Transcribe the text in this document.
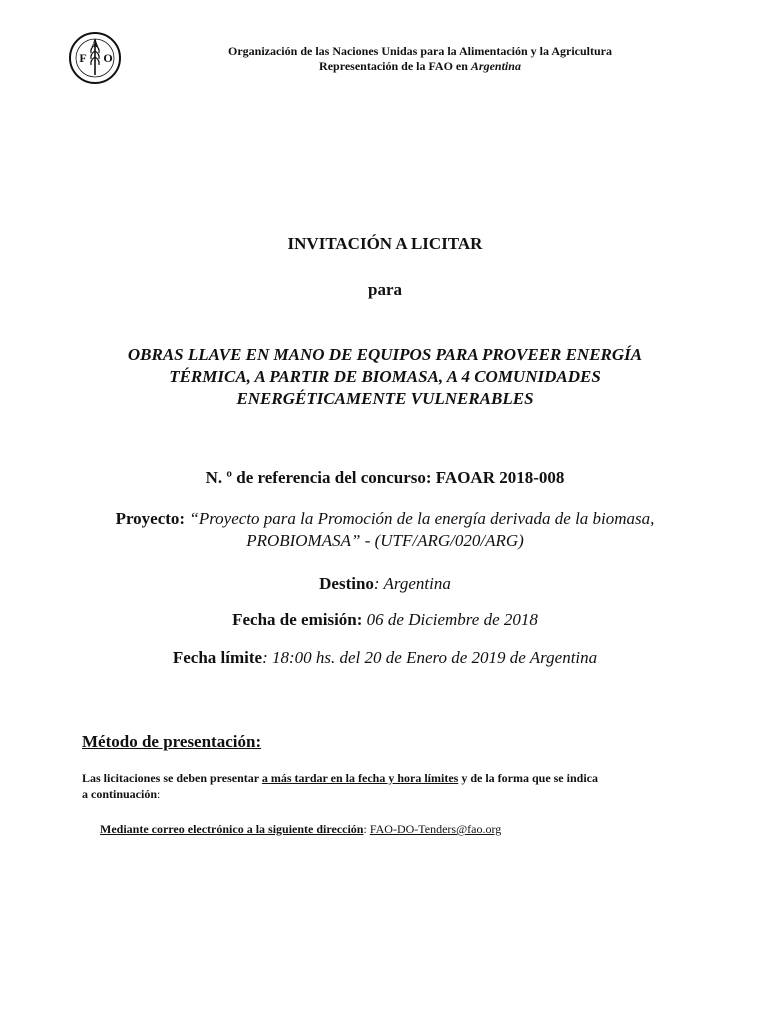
F
A
O	Organización de las Naciones Unidas para la Alimentación y la Agricultura
Representación de la FAO en Argentina
INVITACIÓN A LICITAR
para
OBRAS LLAVE EN MANO DE EQUIPOS PARA PROVEER ENERGÍA
TÉRMICA, A PARTIR DE BIOMASA, A 4 COMUNIDADES
ENERGÉTICAMENTE VULNERABLES
N. º de referencia del concurso: FAOAR 2018-008
Proyecto: “Proyecto para la Promoción de la energía derivada de la biomasa,
PROBIOMASA” - (UTF/ARG/020/ARG)
Destino: Argentina
Fecha de emisión: 06 de Diciembre de 2018
Fecha límite: 18:00 hs. del 20 de Enero de 2019 de Argentina
Método de presentación:
Las licitaciones se deben presentar a más tardar en la fecha y hora límites y de la forma que se indica
a continuación:
Mediante correo electrónico a la siguiente dirección: FAO-DO-Tenders@fao.org
